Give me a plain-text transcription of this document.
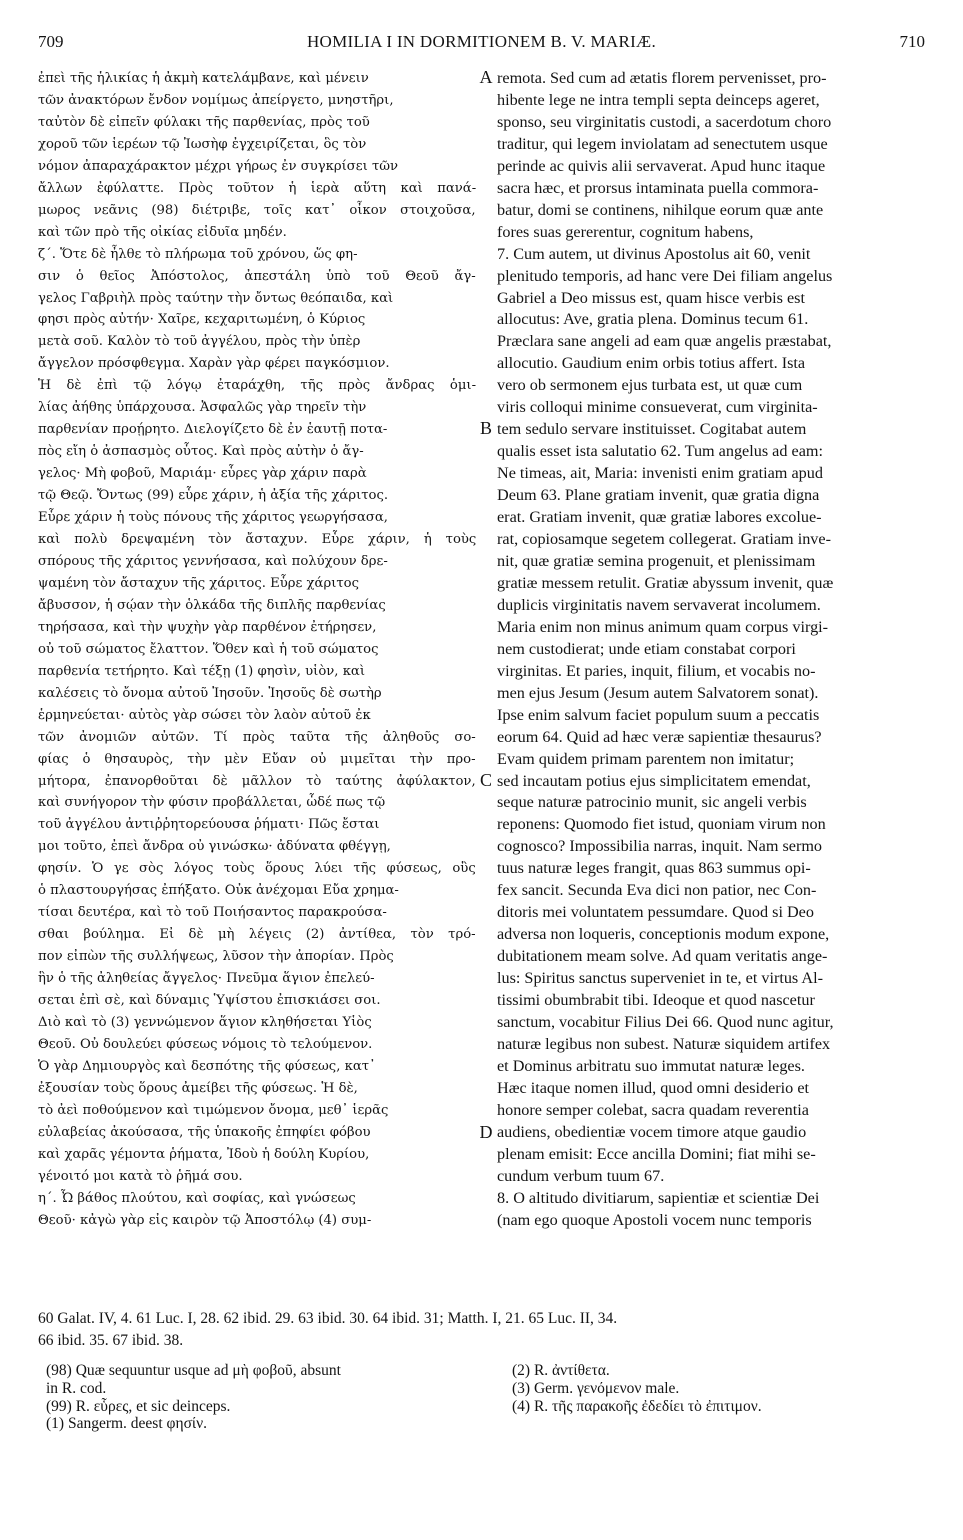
709	HOMILIA I IN DORMITIONEM B. V. MARIÆ.	710
ἐπεὶ τῆς ἡλικίας ἡ ἀκμὴ κατελάμβανε, καὶ μένειν
τῶν ἀνακτόρων ἔνδον νομίμως ἀπείργετο, μνηστῆρι,
ταὐτὸν δὲ εἰπεῖν φύλακι τῆς παρθενίας, πρὸς τοῦ
χοροῦ τῶν ἱερέων τῷ Ἰωσὴφ ἐγχειρίζεται, ὃς τὸν
νόμον ἀπαραχάρακτον μέχρι γήρως ἐν συγκρίσει τῶν
ἄλλων ἐφύλαττε. Πρὸς τοῦτον ἡ ἱερὰ αὕτη καὶ πανά-
μωρος νεᾶνις (98) διέτριβε, τοῖς κατ᾽ οἶκον στοιχοῦσα,
καὶ τῶν πρὸ τῆς οἰκίας εἰδυῖα μηδέν.
ζ΄. Ὅτε δὲ ἦλθε τὸ πλήρωμα τοῦ χρόνου, ὥς φη-
σιν ὁ θεῖος Ἀπόστολος, ἀπεστάλη ὑπὸ τοῦ Θεοῦ ἄγ-
γελος Γαβριὴλ πρὸς ταύτην τὴν ὄντως θεόπαιδα, καὶ
φησι πρὸς αὐτήν· Χαῖρε, κεχαριτωμένη, ὁ Κύριος
μετὰ σοῦ. Καλὸν τὸ τοῦ ἀγγέλου, πρὸς τὴν ὑπὲρ
ἄγγελον πρόσφθεγμα. Χαρὰν γὰρ φέρει παγκόσμιον.
Ἡ δὲ ἐπὶ τῷ λόγῳ ἐταράχθη, τῆς πρὸς ἄνδρας ὁμι-
λίας ἀήθης ὑπάρχουσα. Ἀσφαλῶς γὰρ τηρεῖν τὴν
παρθενίαν προῄρητο. Διελογίζετο δὲ ἐν ἑαυτῇ ποτα-
πὸς εἴη ὁ ἀσπασμὸς οὗτος. Καὶ πρὸς αὐτὴν ὁ ἄγ-
γελος· Μὴ φοβοῦ, Μαριάμ· εὗρες γὰρ χάριν παρὰ
τῷ Θεῷ. Ὄντως (99) εὗρε χάριν, ἡ ἀξία τῆς χάριτος.
Εὗρε χάριν ἡ τοὺς πόνους τῆς χάριτος γεωργήσασα,
καὶ πολὺ δρεψαμένη τὸν ἄσταχυν. Εὗρε χάριν, ἡ τοὺς
σπόρους τῆς χάριτος γεννήσασα, καὶ πολύχουν δρε-
ψαμένη τὸν ἄσταχυν τῆς χάριτος. Εὗρε χάριτος
ἄβυσσον, ἡ σῴαν τὴν ὁλκάδα τῆς διπλῆς παρθενίας
τηρήσασα, καὶ τὴν ψυχὴν γὰρ παρθένον ἐτήρησεν,
οὐ τοῦ σώματος ἔλαττον. Ὅθεν καὶ ἡ τοῦ σώματος
παρθενία τετήρητο. Καὶ τέξῃ (1) φησὶν, υἱὸν, καὶ
καλέσεις τὸ ὄνομα αὐτοῦ Ἰησοῦν. Ἰησοῦς δὲ σωτὴρ
ἑρμηνεύεται· αὐτὸς γὰρ σώσει τὸν λαὸν αὐτοῦ ἐκ
τῶν ἀνομιῶν αὐτῶν. Τί πρὸς ταῦτα τῆς ἀληθοῦς σο-
φίας ὁ θησαυρὸς, τὴν μὲν Εὔαν οὐ μιμεῖται τὴν προ-
μήτορα, ἐπανορθοῦται δὲ μᾶλλον τὸ ταύτης ἀφύλακτον,
καὶ συνήγορον τὴν φύσιν προβάλλεται, ὧδέ πως τῷ
τοῦ ἀγγέλου ἀντιῤῥητορεύουσα ῥήματι· Πῶς ἔσται
μοι τοῦτο, ἐπεὶ ἄνδρα οὐ γινώσκω· ἀδύνατα φθέγγῃ,
φησίν. Ὁ γε σὸς λόγος τοὺς ὅρους λύει τῆς φύσεως, οὓς
ὁ πλαστουργήσας ἐπήξατο. Οὐκ ἀνέχομαι Εὔα χρημα-
τίσαι δευτέρα, καὶ τὸ τοῦ Ποιήσαντος παρακρούσα-
σθαι βούλημα. Εἰ δὲ μὴ λέγεις (2) ἀντίθεα, τὸν τρό-
πον εἰπὼν τῆς συλλήψεως, λῦσον τὴν ἀπορίαν. Πρὸς
ἣν ὁ τῆς ἀληθείας ἄγγελος· Πνεῦμα ἅγιον ἐπελεύ-
σεται ἐπὶ σὲ, καὶ δύναμις Ὑψίστου ἐπισκιάσει σοι.
Διὸ καὶ τὸ (3) γεννώμενον ἅγιον κληθήσεται Υἱὸς
Θεοῦ. Οὐ δουλεύει φύσεως νόμοις τὸ τελούμενον.
Ὁ γὰρ Δημιουργὸς καὶ δεσπότης τῆς φύσεως, κατ᾽
ἐξουσίαν τοὺς ὅρους ἀμείβει τῆς φύσεως. Ἡ δὲ,
τὸ ἀεὶ ποθούμενον καὶ τιμώμενον ὄνομα, μεθ᾽ ἱερᾶς
εὐλαβείας ἀκούσασα, τῆς ὑπακοῆς ἐπηφίει φόβου
καὶ χαρᾶς γέμοντα ῥήματα, Ἰδοὺ ἡ δούλη Κυρίου,
γένοιτό μοι κατὰ τὸ ῥῆμά σου.
η΄. Ὦ βάθος πλούτου, καὶ σοφίας, καὶ γνώσεως
Θεοῦ· κἀγὼ γὰρ εἰς καιρὸν τῷ Ἀποστόλῳ (4) συμ-
remota. Sed cum ad ætatis florem pervenisset, pro-
hibente lege ne intra templi septa deinceps ageret,
sponso, seu virginitatis custodi, a sacerdotum choro
traditur, qui legem inviolatam ad senectutem usque
perinde ac quivis alii servaverat. Apud hunc itaque
sacra hæc, et prorsus intaminata puella commora-
batur, domi se continens, nihilque eorum quæ ante
fores suas gererentur, cognitum habens,
7. Cum autem, ut divinus Apostolus ait 60, venit
plenitudo temporis, ad hanc vere Dei filiam angelus
Gabriel a Deo missus est, quam hisce verbis est
allocutus: Ave, gratia plena. Dominus tecum 61.
Præclara sane angeli ad eam quæ angelis præstabat,
allocutio. Gaudium enim orbis totius affert. Ista
vero ob sermonem ejus turbata est, ut quæ cum
viris colloqui minime consueverat, cum virginita-
tem sedulo servare instituisset. Cogitabat autem
qualis esset ista salutatio 62. Tum angelus ad eam:
Ne timeas, ait, Maria: invenisti enim gratiam apud
Deum 63. Plane gratiam invenit, quæ gratia digna
erat. Gratiam invenit, quæ gratiæ labores excolue-
rat, copiosamque segetem collegerat. Gratiam inve-
nit, quæ gratiæ semina progenuit, et plenissimam
gratiæ messem retulit. Gratiæ abyssum invenit, quæ
duplicis virginitatis navem servaverat incolumem.
Maria enim non minus animum quam corpus virgi-
nem custodierat; unde etiam constabat corpori
virginitas. Et paries, inquit, filium, et vocabis no-
men ejus Jesum (Jesum autem Salvatorem sonat).
Ipse enim salvum faciet populum suum a peccatis
eorum 64. Quid ad hæc veræ sapientiæ thesaurus?
Evam quidem primam parentem non imitatur;
sed incautam potius ejus simplicitatem emendat,
seque naturæ patrocinio munit, sic angeli verbis
reponens: Quomodo fiet istud, quoniam virum non
cognosco? Impossibilia narras, inquit. Nam sermo
tuus naturæ leges frangit, quas 863 summus opi-
fex sancit. Secunda Eva dici non patior, nec Con-
ditoris mei voluntatem pessumdare. Quod si Deo
adversa non loqueris, conceptionis modum expone,
dubitationem meam solve. Ad quam veritatis ange-
lus: Spiritus sanctus superveniet in te, et virtus Al-
tissimi obumbrabit tibi. Ideoque et quod nascetur
sanctum, vocabitur Filius Dei 66. Quod nunc agitur,
naturæ legibus non subest. Naturæ siquidem artifex
et Dominus arbitratu suo immutat naturæ leges.
Hæc itaque nomen illud, quod omni desiderio et
honore semper colebat, sacra quadam reverentia
audiens, obedientiæ vocem timore atque gaudio
plenam emisit: Ecce ancilla Domini; fiat mihi se-
cundum verbum tuum 67.
8. O altitudo divitiarum, sapientiæ et scientiæ Dei
(nam ego quoque Apostoli vocem nunc temporis
A
B
C
D
60 Galat. IV, 4. 61 Luc. I, 28. 62 ibid. 29. 63 ibid. 30. 64 ibid. 31; Matth. I, 21. 65 Luc. II, 34.
66 ibid. 35. 67 ibid. 38.
(98) Quæ sequuntur usque ad μὴ φοβοῦ, absunt
in R. cod.
(99) R. εὗρες, et sic deinceps.
(1) Sangerm. deest φησίν.
(2) R. ἀντίθετα.
(3) Germ. γενόμενον male.
(4) R. τῆς παρακοῆς ἐδεδίει τὸ ἐπιτιμον.
